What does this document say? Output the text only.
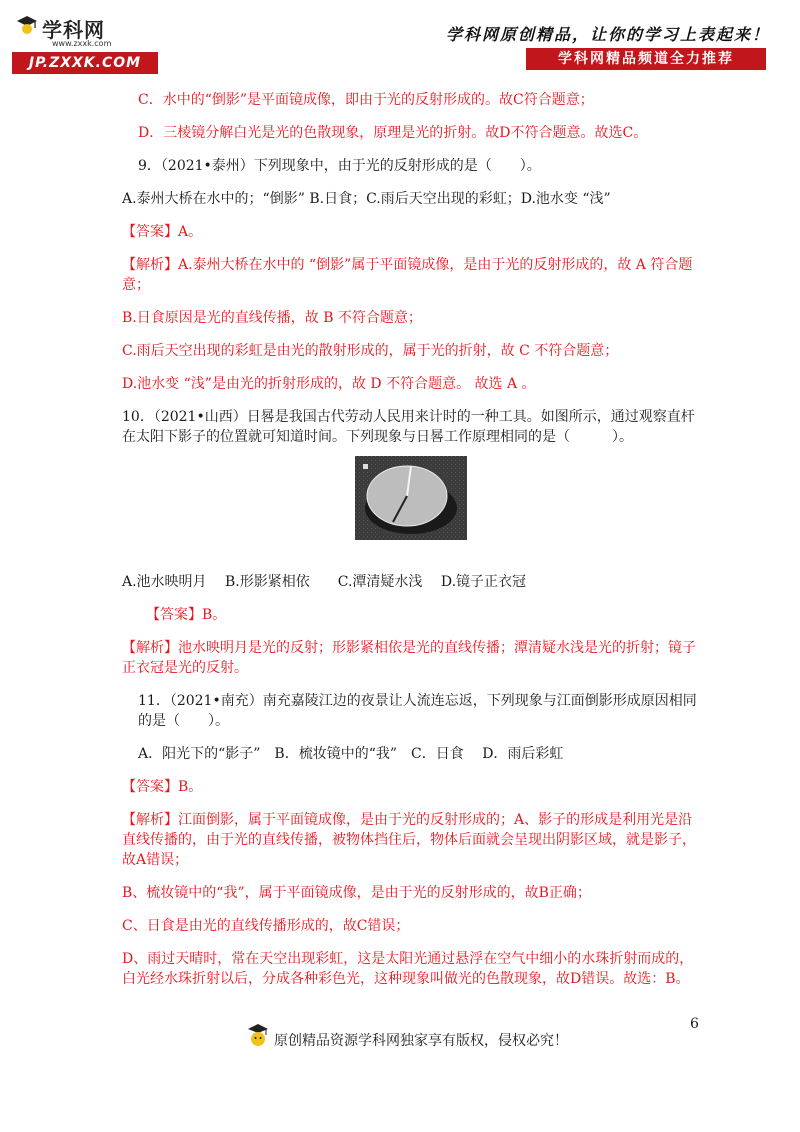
学科网
www.zxxk.com
JP.ZXXK.COM
学科网原创精品，让你的学习上表起来！
学科网精品频道全力推荐
C．水中的“倒影”是平面镜成像，即由于光的反射形成的。故C符合题意；
D．三棱镜分解白光是光的色散现象，原理是光的折射。故D不符合题意。故选C。
9．（2021•泰州）下列现象中，由于光的反射形成的是（　　）。
A.泰州大桥在水中的；“倒影” B.日食；C.雨后天空出现的彩虹；D.池水变 “浅”
【答案】A。
【解析】A.泰州大桥在水中的 “倒影”属于平面镜成像，是由于光的反射形成的，故 A 符合题意；
B.日食原因是光的直线传播，故 B 不符合题意；
C.雨后天空出现的彩虹是由光的散射形成的，属于光的折射，故 C 不符合题意；
D.池水变 “浅”是由光的折射形成的，故 D 不符合题意。 故选 A 。
10．（2021•山西）日晷是我国古代劳动人民用来计时的一种工具。如图所示，通过观察直杆在太阳下影子的位置就可知道时间。下列现象与日晷工作原理相同的是（　　　）。
A.池水映明月　 B.形影紧相依　　C.潭清疑水浅　 D.镜子正衣冠
【答案】B。
【解析】池水映明月是光的反射；形影紧相依是光的直线传播；潭清疑水浅是光的折射；镜子正衣冠是光的反射。
11．（2021•南充）南充嘉陵江边的夜景让人流连忘返，下列现象与江面倒影形成原因相同的是（　　）。
A．阳光下的“影子”　B．梳妆镜中的“我”　C．日食　 D．雨后彩虹
【答案】B。
【解析】江面倒影，属于平面镜成像，是由于光的反射形成的；A、影子的形成是利用光是沿直线传播的，由于光的直线传播，被物体挡住后，物体后面就会呈现出阴影区域，就是影子，故A错误；
B、梳妆镜中的“我”，属于平面镜成像，是由于光的反射形成的，故B正确；
C、日食是由光的直线传播形成的，故C错误；
D、雨过天晴时，常在天空出现彩虹，这是太阳光通过悬浮在空气中细小的水珠折射而成的，白光经水珠折射以后，分成各种彩色光，这种现象叫做光的色散现象，故D错误。故选：B。
6
原创精品资源学科网独家享有版权，侵权必究！
